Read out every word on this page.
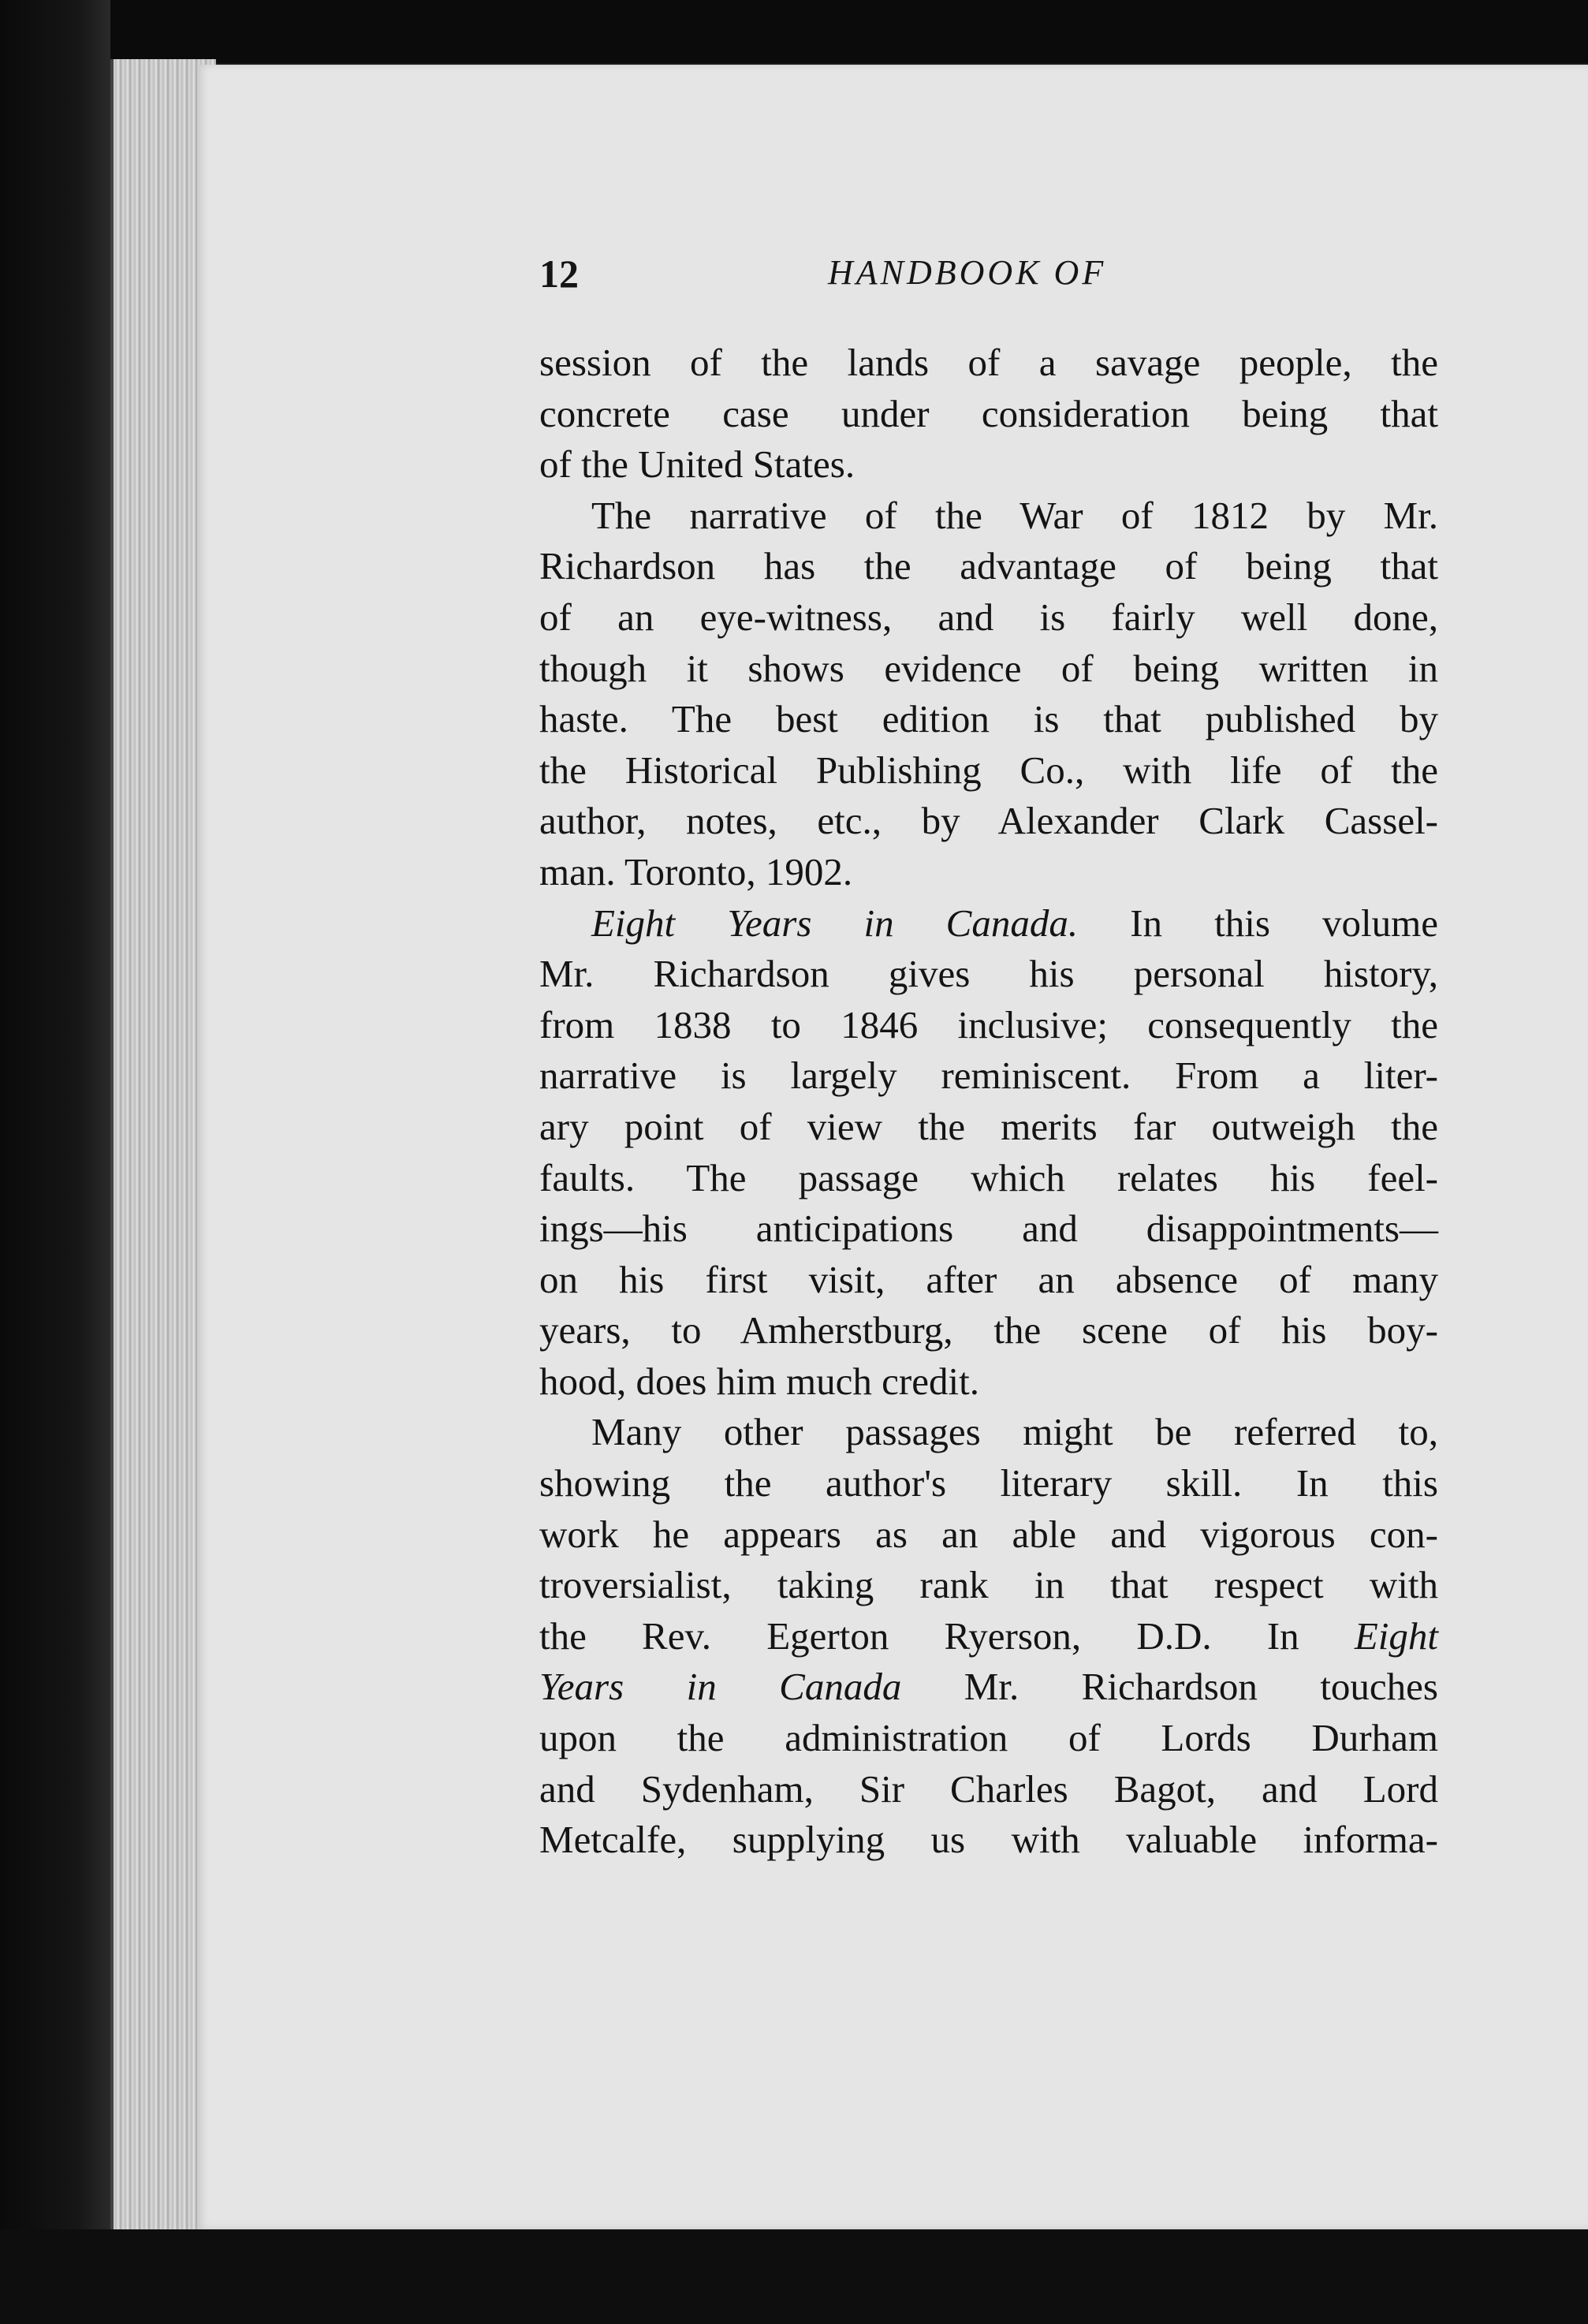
12	HANDBOOK OF

session of the lands of a savage people, the
concrete case under consideration being that
of the United States.

The narrative of the War of 1812 by Mr.
Richardson has the advantage of being that
of an eye-witness, and is fairly well done,
though it shows evidence of being written in
haste. The best edition is that published by
the Historical Publishing Co., with life of the
author, notes, etc., by Alexander Clark Cassel-
man. Toronto, 1902.

Eight Years in Canada. In this volume
Mr. Richardson gives his personal history,
from 1838 to 1846 inclusive; consequently the
narrative is largely reminiscent. From a liter-
ary point of view the merits far outweigh the
faults. The passage which relates his feel-
ings—his anticipations and disappointments—
on his first visit, after an absence of many
years, to Amherstburg, the scene of his boy-
hood, does him much credit.

Many other passages might be referred to,
showing the author's literary skill. In this
work he appears as an able and vigorous con-
troversialist, taking rank in that respect with
the Rev. Egerton Ryerson, D.D. In Eight
Years in Canada Mr. Richardson touches
upon the administration of Lords Durham
and Sydenham, Sir Charles Bagot, and Lord
Metcalfe, supplying us with valuable informa-
